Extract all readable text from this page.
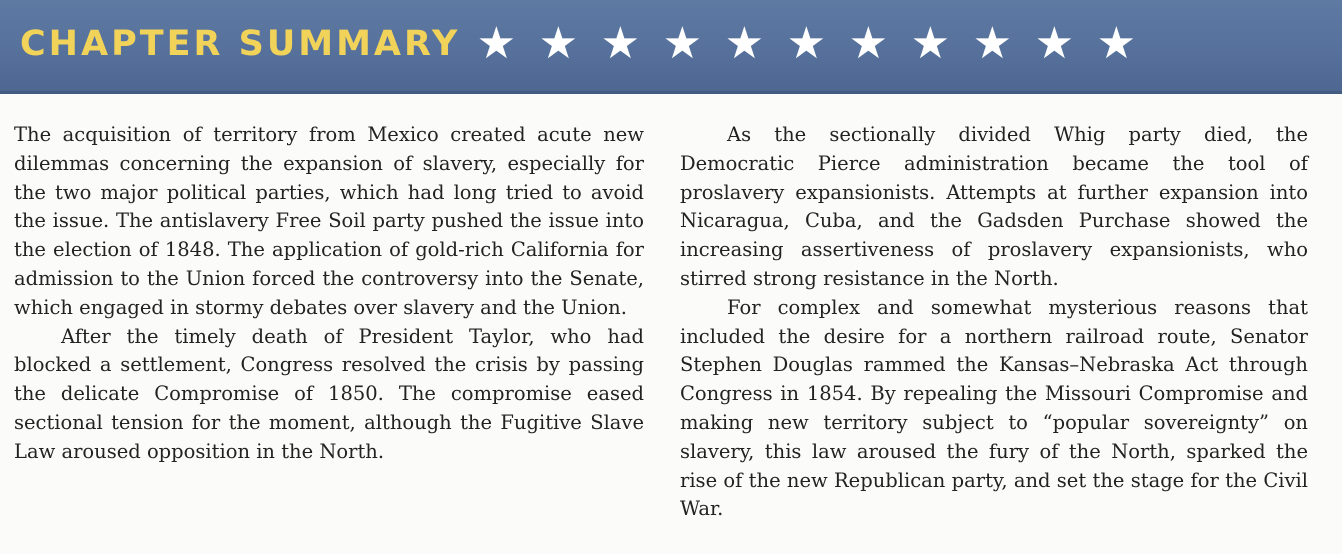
CHAPTER SUMMARY ★ ★ ★ ★ ★ ★ ★ ★ ★ ★ ★

The acquisition of territory from Mexico created acute new dilemmas concerning the expansion of slavery, especially for the two major political parties, which had long tried to avoid the issue. The antislavery Free Soil party pushed the issue into the election of 1848. The application of gold-rich California for admission to the Union forced the controversy into the Senate, which engaged in stormy debates over slavery and the Union.

After the timely death of President Taylor, who had blocked a settlement, Congress resolved the crisis by passing the delicate Compromise of 1850. The compromise eased sectional tension for the moment, although the Fugitive Slave Law aroused opposition in the North.

As the sectionally divided Whig party died, the Democratic Pierce administration became the tool of proslavery expansionists. Attempts at further expansion into Nicaragua, Cuba, and the Gadsden Purchase showed the increasing assertiveness of proslavery expansionists, who stirred strong resistance in the North.

For complex and somewhat mysterious reasons that included the desire for a northern railroad route, Senator Stephen Douglas rammed the Kansas–Nebraska Act through Congress in 1854. By repealing the Missouri Compromise and making new territory subject to “popular sovereignty” on slavery, this law aroused the fury of the North, sparked the rise of the new Republican party, and set the stage for the Civil War.
